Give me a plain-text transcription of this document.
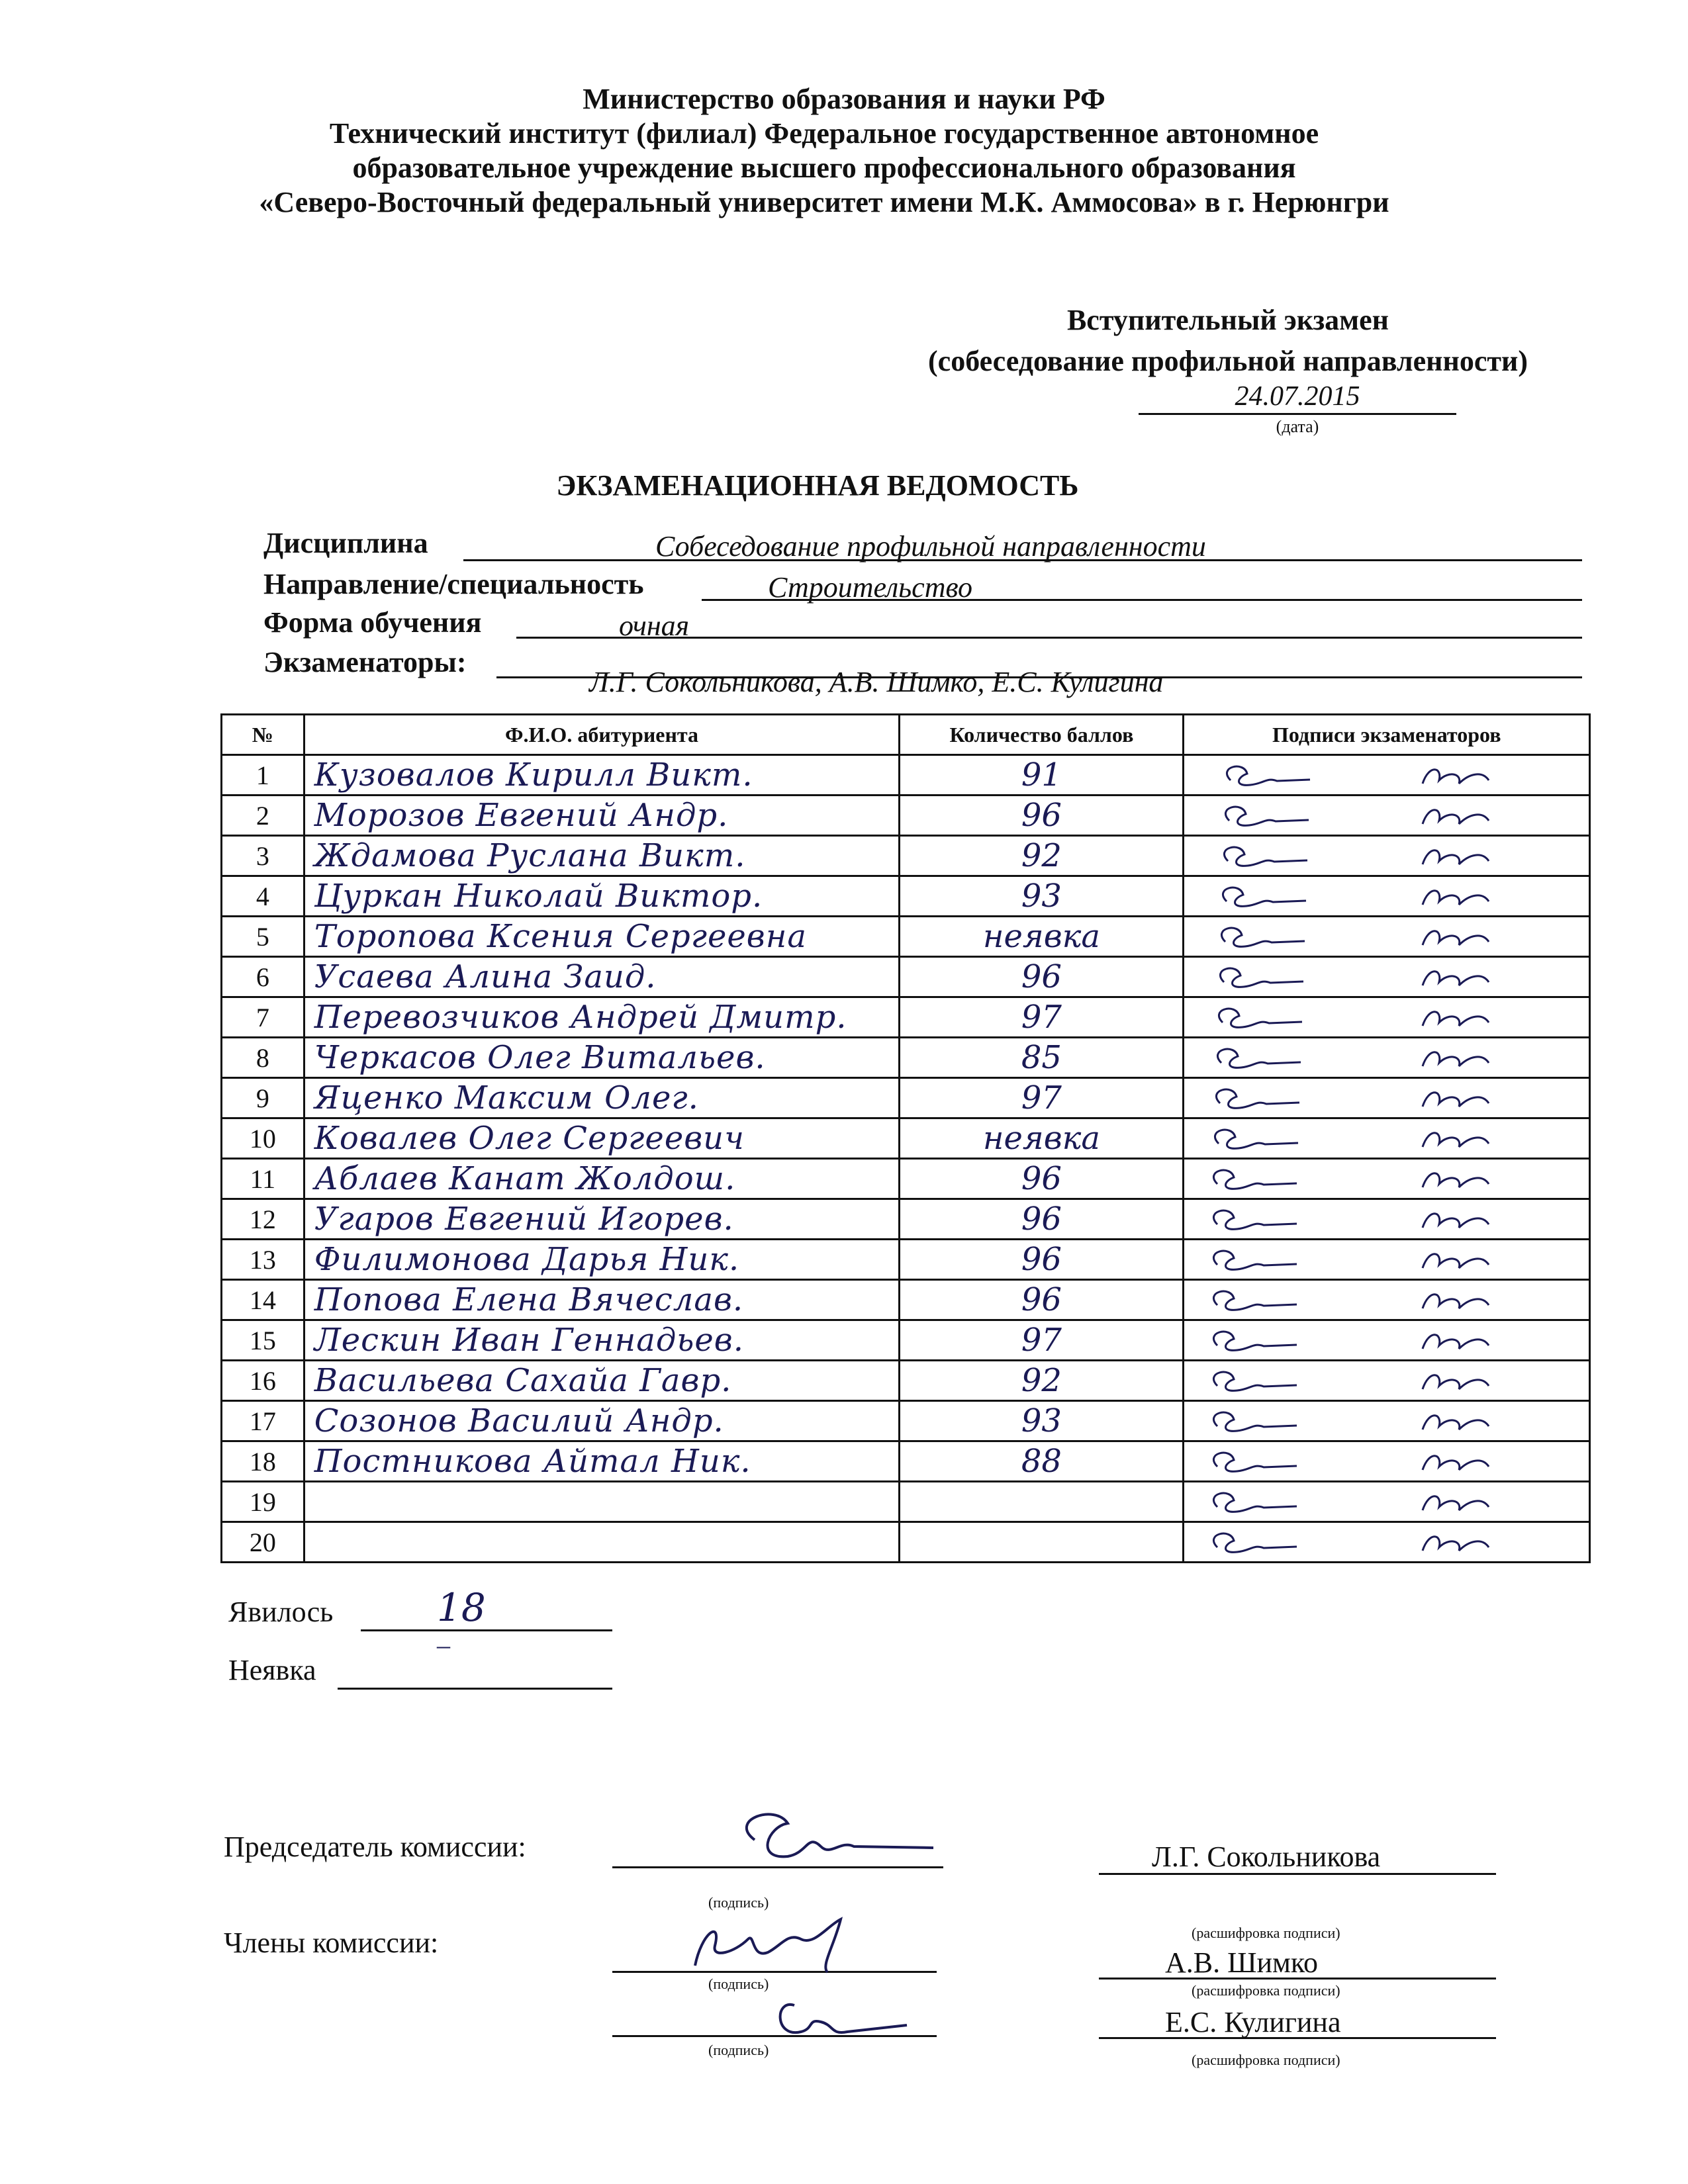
Министерство образования и науки РФ
Технический институт (филиал) Федеральное государственное автономное
образовательное учреждение высшего профессионального образования
«Северо-Восточный федеральный университет имени М.К. Аммосова» в г. Нерюнгри
Вступительный экзамен
(собеседование профильной направленности)
24.07.2015
(дата)
ЭКЗАМЕНАЦИОННАЯ ВЕДОМОСТЬ
Дисциплина	Собеседование профильной направленности
Направление/специальность	Строительство
Форма обучения	очная
Экзаменаторы:
Л.Г. Сокольникова, А.В. Шимко, Е.С. Кулигина
№	Ф.И.О. абитуриента	Количество баллов	Подписи экзаменаторов
1	Кузовалов Кирилл Викт.	91	

2	Морозов Евгений Андр.	96	

3	Ждамова Руслана Викт.	92	

4	Цуркан Николай Виктор.	93	

5	Торопова Ксения Сергеевна	неявка	

6	Усаева Алина Заид.	96	

7	Перевозчиков Андрей Дмитр.	97	

8	Черкасов Олег Витальев.	85	

9	Яценко Максим Олег.	97	

10	Ковалев Олег Сергеевич	неявка	

11	Аблаев Канат Жолдош.	96	

12	Угаров Евгений Игорев.	96	

13	Филимонова Дарья Ник.	96	

14	Попова Елена Вячеслав.	96	

15	Лескин Иван Геннадьев.	97	

16	Васильева Сахайа Гавр.	92	

17	Созонов Василий Андр.	93	

18	Постникова Айтал Ник.	88	

19			

20			
Явилось	18
Неявка
–
Председатель комиссии:	Л.Г. Сокольникова
(подпись)
(расшифровка подписи)
Члены комиссии:
А.В. Шимко
(подпись)	(расшифровка подписи)
Е.С. Кулигина
(подпись)
(расшифровка подписи)
